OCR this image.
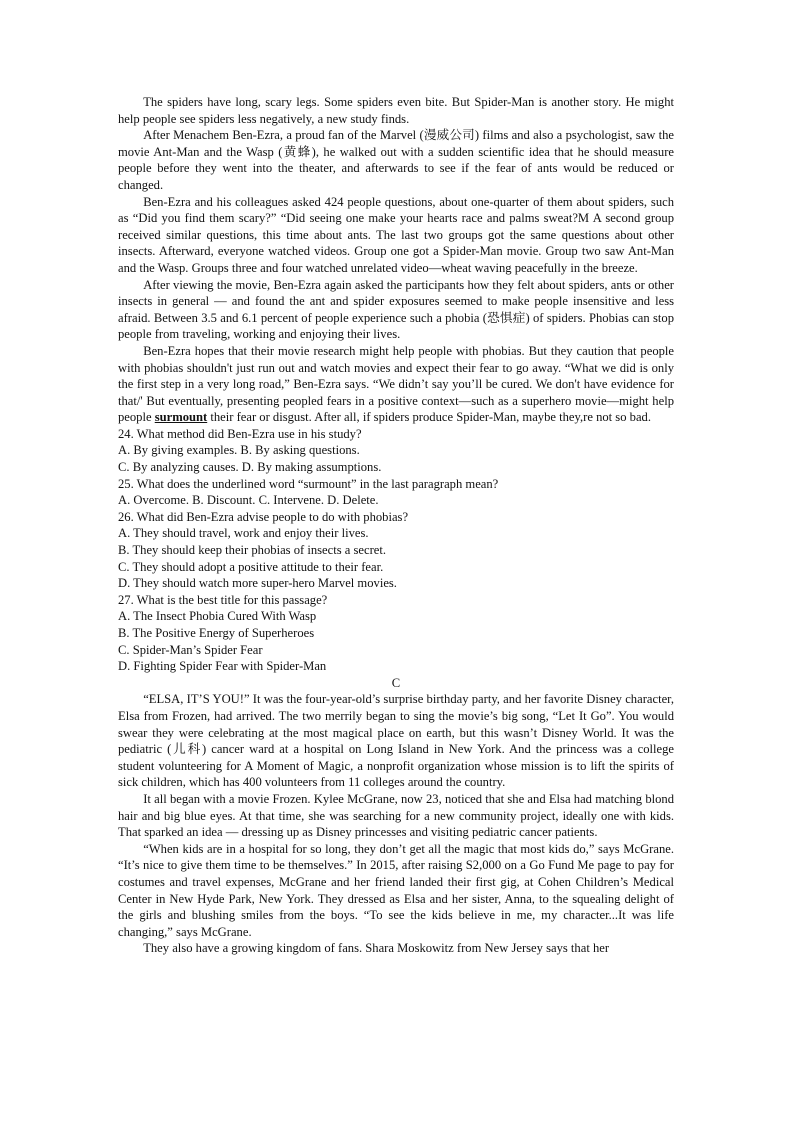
The spiders have long, scary legs. Some spiders even bite. But Spider-Man is another story. He might help people see spiders less negatively, a new study finds.

After Menachem Ben-Ezra, a proud fan of the Marvel (漫威公司) films and also a psychologist, saw the movie Ant-Man and the Wasp (黄蜂), he walked out with a sudden scientific idea that he should measure people before they went into the theater, and afterwards to see if the fear of ants would be reduced or changed.

Ben-Ezra and his colleagues asked 424 people questions, about one-quarter of them about spiders, such as “Did you find them scary?” “Did seeing one make your hearts race and palms sweat?M A second group received similar questions, this time about ants. The last two groups got the same questions about other insects. Afterward, everyone watched videos. Group one got a Spider-Man movie. Group two saw Ant-Man and the Wasp. Groups three and four watched unrelated video—wheat waving peacefully in the breeze.

After viewing the movie, Ben-Ezra again asked the participants how they felt about spiders, ants or other insects in general — and found the ant and spider exposures seemed to make people insensitive and less afraid. Between 3.5 and 6.1 percent of people experience such a phobia (恐惧症) of spiders. Phobias can stop people from traveling, working and enjoying their lives.

Ben-Ezra hopes that their movie research might help people with phobias. But they caution that people with phobias shouldn't just run out and watch movies and expect their fear to go away. “What we did is only the first step in a very long road,” Ben-Ezra says. “We didn’t say you’ll be cured. We don't have evidence for that/' But eventually, presenting peopled fears in a positive context—such as a superhero movie—might help people surmount their fear or disgust. After all, if spiders produce Spider-Man, maybe they,re not so bad.

24. What method did Ben-Ezra use in his study?

A. By giving examples. B. By asking questions.

C. By analyzing causes. D. By making assumptions.

25. What does the underlined word “surmount” in the last paragraph mean?

A. Overcome. B. Discount. C. Intervene. D. Delete.

26. What did Ben-Ezra advise people to do with phobias?

A. They should travel, work and enjoy their lives.

B. They should keep their phobias of insects a secret.

C. They should adopt a positive attitude to their fear.

D. They should watch more super-hero Marvel movies.

27. What is the best title for this passage?

A. The Insect Phobia Cured With Wasp

B. The Positive Energy of Superheroes

C. Spider-Man’s Spider Fear

D. Fighting Spider Fear with Spider-Man

C

“ELSA, IT’S YOU!” It was the four-year-old’s surprise birthday party, and her favorite Disney character, Elsa from Frozen, had arrived. The two merrily began to sing the movie’s big song, “Let It Go”. You would swear they were celebrating at the most magical place on earth, but this wasn’t Disney World. It was the pediatric (儿科) cancer ward at a hospital on Long Island in New York. And the princess was a college student volunteering for A Moment of Magic, a nonprofit organization whose mission is to lift the spirits of sick children, which has 400 volunteers from 11 colleges around the country.

It all began with a movie Frozen. Kylee McGrane, now 23, noticed that she and Elsa had matching blond hair and big blue eyes. At that time, she was searching for a new community project, ideally one with kids. That sparked an idea — dressing up as Disney princesses and visiting pediatric cancer patients.

“When kids are in a hospital for so long, they don’t get all the magic that most kids do,” says McGrane. “It’s nice to give them time to be themselves.” In 2015, after raising S2,000 on a Go Fund Me page to pay for costumes and travel expenses, McGrane and her friend landed their first gig, at Cohen Children’s Medical Center in New Hyde Park, New York. They dressed as Elsa and her sister, Anna, to the squealing delight of the girls and blushing smiles from the boys. “To see the kids believe in me, my character...It was life changing,” says McGrane.

They also have a growing kingdom of fans. Shara Moskowitz from New Jersey says that her
